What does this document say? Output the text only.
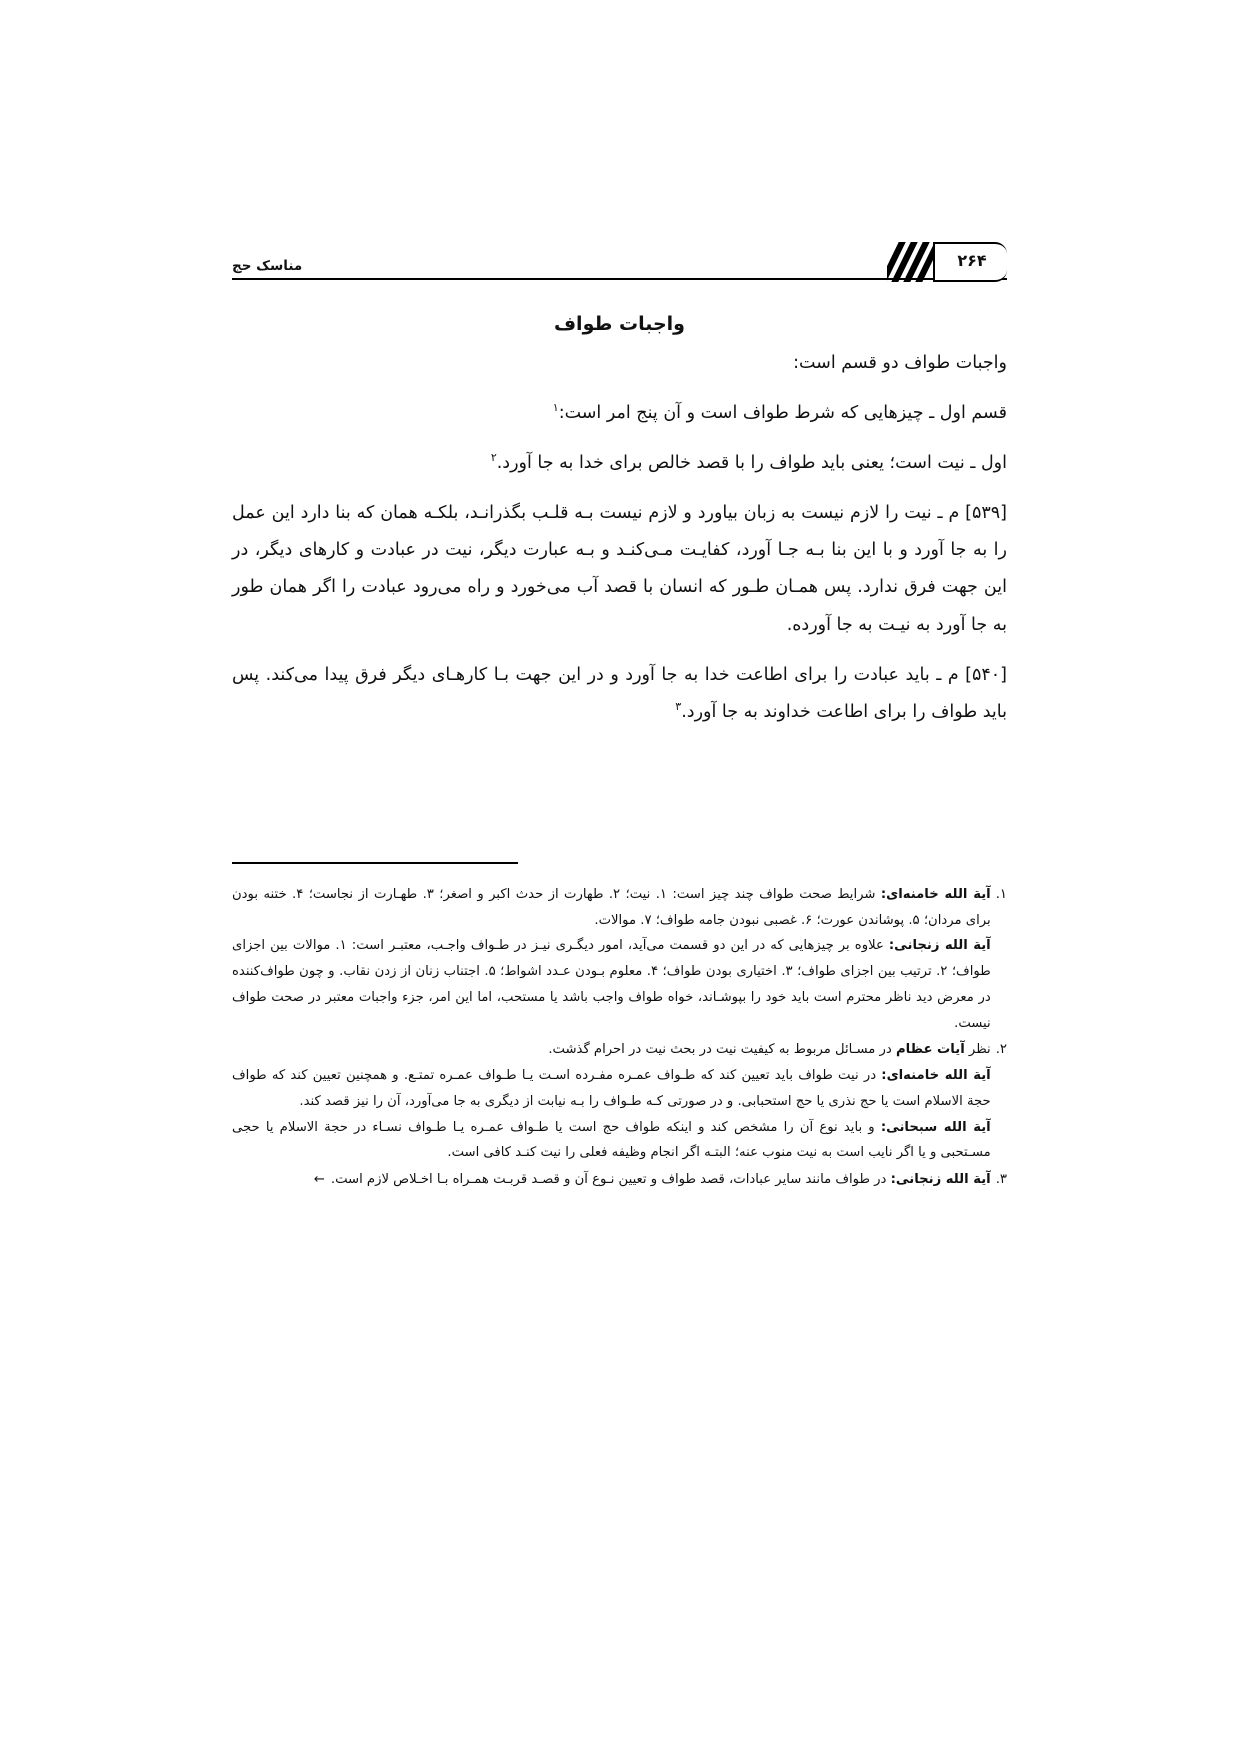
مناسک حج	۲۶۴
واجبات طواف

واجبات طواف دو قسم است:

قسم اول ـ چیزهایی که شرط طواف است و آن پنج امر است:$^۱$

اول ـ نیت است؛ یعنی باید طواف را با قصد خالص برای خدا به جا آورد.$^۲$

[۵۳۹] م ـ نیت را لازم نیست به زبان بیاورد و لازم نیست بـه قلـب بگذرانـد، بلکـه همان که بنا دارد این عمل را به جا آورد و با این بنا بـه جـا آورد، کفایـت مـی‌کنـد و بـه عبارت دیگر، نیت در عبادت و کارهای دیگر، در این جهت فرق ندارد. پس همـان طـور که انسان با قصد آب می‌خورد و راه می‌رود عبادت را اگر همان طور به جا آورد به نیـت به جا آورده.

[۵۴۰] م ـ باید عبادت را برای اطاعت خدا به جا آورد و در این جهت بـا کارهـای دیگر فرق پیدا می‌کند. پس باید طواف را برای اطاعت خداوند به جا آورد.$^۳$

۱.
آیة الله خامنه‌ای: شرایط صحت طواف چند چیز است: ۱. نیت؛ ۲. طهارت از حدث اکبر و اصغر؛ ۳. طهـارت از نجاست؛ ۴. ختنه بودن برای مردان؛ ۵. پوشاندن عورت؛ ۶. غصبی نبودن جامه طواف؛ ۷. موالات.
آیة الله زنجانی: علاوه بر چیزهایی که در این دو قسمت می‌آید، امور دیگـری نیـز در طـواف واجـب، معتبـر است: ۱. موالات بین اجزای طواف؛ ۲. ترتیب بین اجزای طواف؛ ۳. اختیاری بودن طواف؛ ۴. معلوم بـودن عـدد اشواط؛ ۵. اجتناب زنان از زدن نقاب. و چون طواف‌کننده در معرض دید ناظر محترم است باید خود را بپوشـاند، خواه طواف واجب باشد یا مستحب، اما این امر، جزء واجبات معتبر در صحت طواف نیست.
۲.
نظر آیات عظام در مسـائل مربوط به کیفیت نیت در بحث نیت در احرام گذشت.
آیة الله خامنه‌ای: در نیت طواف باید تعیین کند که طـواف عمـره مفـرده اسـت یـا طـواف عمـره تمتـع. و همچنین تعیین کند که طواف حجة الاسلام است یا حج نذری یا حج استحبابی. و در صورتی کـه طـواف را بـه نیابت از دیگری به جا می‌آورد، آن را نیز قصد کند.
آیة الله سبحانی: و باید نوع آن را مشخص کند و اینکه طواف حج است یا طـواف عمـره یـا طـواف نسـاء در حجة الاسلام یا حجی مسـتحبی و یا اگر نایب است به نیت منوب عنه؛ البتـه اگر انجام وظیفه فعلی را نیت کنـد کافی است.
۳.
آیة الله زنجانی: در طواف مانند سایر عبادات، قصد طواف و تعیین نـوع آن و قصـد قربـت همـراه بـا اخـلاص لازم است.←
